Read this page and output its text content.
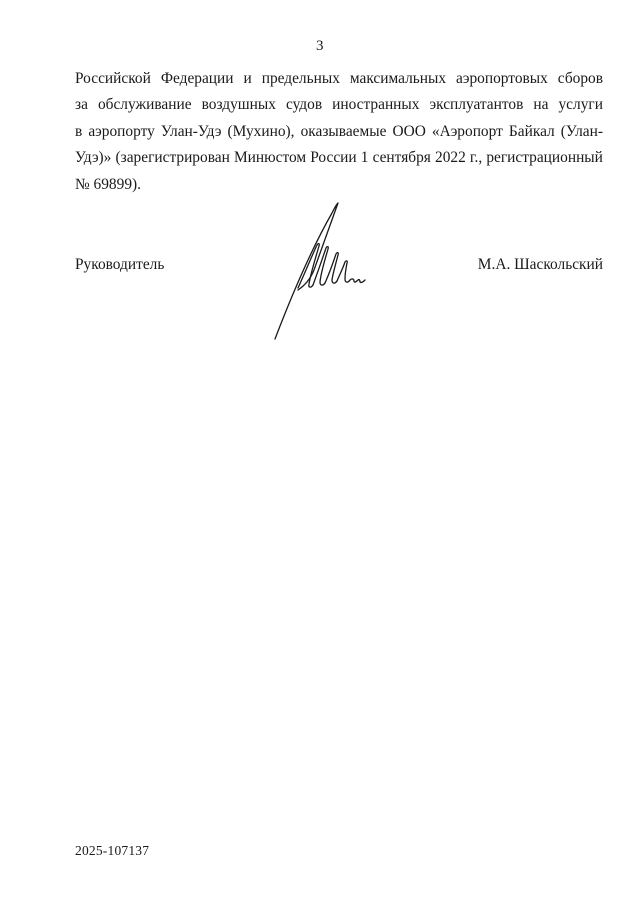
3
Российской Федерации и предельных максимальных аэропортовых сборов
за обслуживание воздушных судов иностранных эксплуатантов на услуги
в аэропорту Улан-Удэ (Мухино), оказываемые ООО «Аэропорт Байкал (Улан-
Удэ)» (зарегистрирован Минюстом России 1 сентября 2022 г., регистрационный
№ 69899).
Руководитель	М.А. Шаскольский
2025-107137
